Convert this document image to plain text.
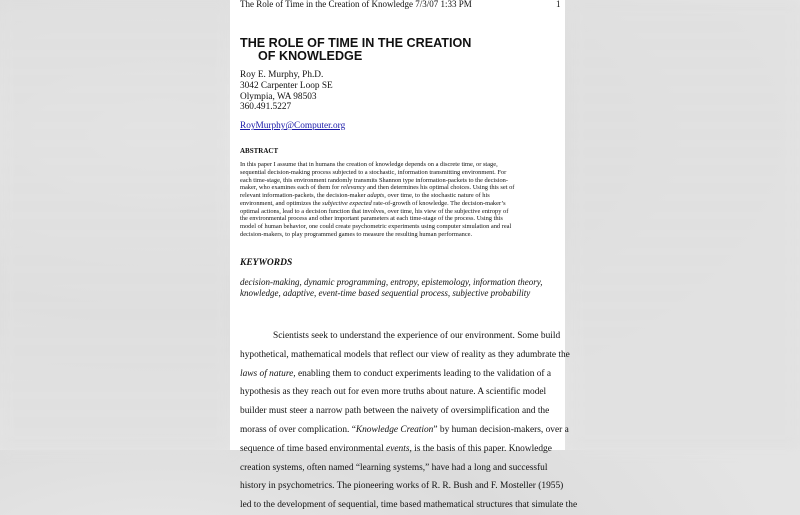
The Role of Time in the Creation of Knowledge 7/3/07 1:33 PM	1
THE ROLE OF TIME IN THE CREATION
OF KNOWLEDGE
Roy E. Murphy, Ph.D.
3042 Carpenter Loop SE
Olympia, WA 98503
360.491.5227
RoyMurphy@Computer.org
ABSTRACT
In this paper I assume that in humans the creation of knowledge depends on a discrete time, or stage,
sequential decision-making process subjected to a stochastic, information transmitting environment. For
each time-stage, this environment randomly transmits Shannon type information-packets to the decision-
maker, who examines each of them for relevancy and then determines his optimal choices. Using this set of
relevant information-packets, the decision-maker adapts, over time, to the stochastic nature of his
environment, and optimizes the subjective expected rate-of-growth of knowledge. The decision-maker’s
optimal actions, lead to a decision function that involves, over time, his view of the subjective entropy of
the environmental process and other important parameters at each time-stage of the process. Using this
model of human behavior, one could create psychometric experiments using computer simulation and real
decision-makers, to play programmed games to measure the resulting human performance.
KEYWORDS
decision-making, dynamic programming, entropy, epistemology, information theory,
knowledge, adaptive, event-time based sequential process, subjective probability
Scientists seek to understand the experience of our environment. Some build
hypothetical, mathematical models that reflect our view of reality as they adumbrate the
laws of nature, enabling them to conduct experiments leading to the validation of a
hypothesis as they reach out for even more truths about nature. A scientific model
builder must steer a narrow path between the naivety of oversimplification and the
morass of over complication. “Knowledge Creation” by human decision-makers, over a
sequence of time based environmental events, is the basis of this paper. Knowledge
creation systems, often named “learning systems,” have had a long and successful
history in psychometrics. The pioneering works of R. R. Bush and F. Mosteller (1955)
led to the development of sequential, time based mathematical structures that simulate the
